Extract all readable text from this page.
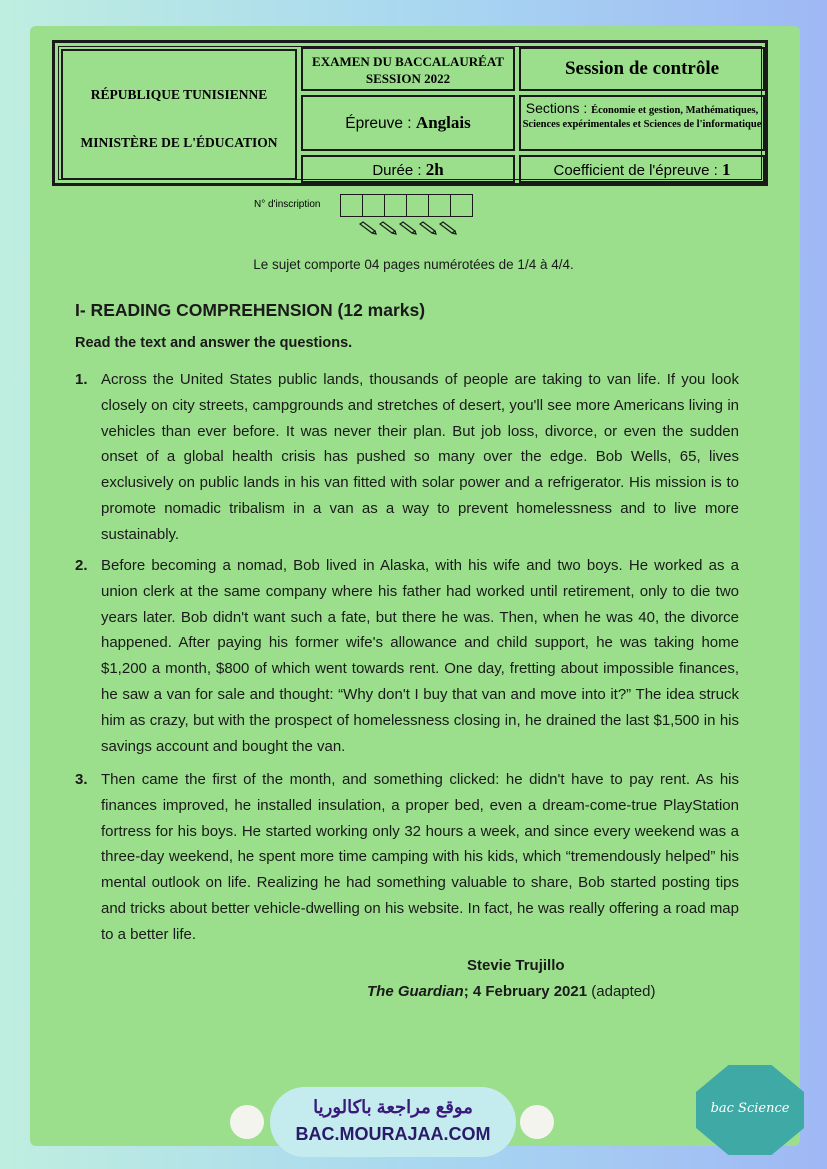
RÉPUBLIQUE TUNISIENNE
MINISTÈRE DE L'ÉDUCATION
EXAMEN DU BACCALAURÉAT
SESSION 2022	Session de contrôle
Épreuve : Anglais
Sections : Économie et gestion, Mathématiques, Sciences expérimentales et Sciences de l'informatique
Durée : 2h	Coefficient de l'épreuve : 1
N° d'inscription
Le sujet comporte 04 pages numérotées de 1/4 à 4/4.
I- READING COMPREHENSION (12 marks)
Read the text and answer the questions.
1. Across the United States public lands, thousands of people are taking to van life. If you look closely on city streets, campgrounds and stretches of desert, you'll see more Americans living in vehicles than ever before. It was never their plan. But job loss, divorce, or even the sudden onset of a global health crisis has pushed so many over the edge. Bob Wells, 65, lives exclusively on public lands in his van fitted with solar power and a refrigerator. His mission is to promote nomadic tribalism in a van as a way to prevent homelessness and to live more sustainably.
2. Before becoming a nomad, Bob lived in Alaska, with his wife and two boys. He worked as a union clerk at the same company where his father had worked until retirement, only to die two years later. Bob didn't want such a fate, but there he was. Then, when he was 40, the divorce happened. After paying his former wife's allowance and child support, he was taking home $1,200 a month, $800 of which went towards rent. One day, fretting about impossible finances, he saw a van for sale and thought: “Why don't I buy that van and move into it?” The idea struck him as crazy, but with the prospect of homelessness closing in, he drained the last $1,500 in his savings account and bought the van.
3. Then came the first of the month, and something clicked: he didn't have to pay rent. As his finances improved, he installed insulation, a proper bed, even a dream-come-true PlayStation fortress for his boys. He started working only 32 hours a week, and since every weekend was a three-day weekend, he spent more time camping with his kids, which “tremendously helped” his mental outlook on life. Realizing he had something valuable to share, Bob started posting tips and tricks about better vehicle-dwelling on his website. In fact, he was really offering a road map to a better life.
Stevie Trujillo
The Guardian; 4 February 2021 (adapted)
موقع مراجعة باكالوريا
BAC.MOURAJAA.COM
bac Science
